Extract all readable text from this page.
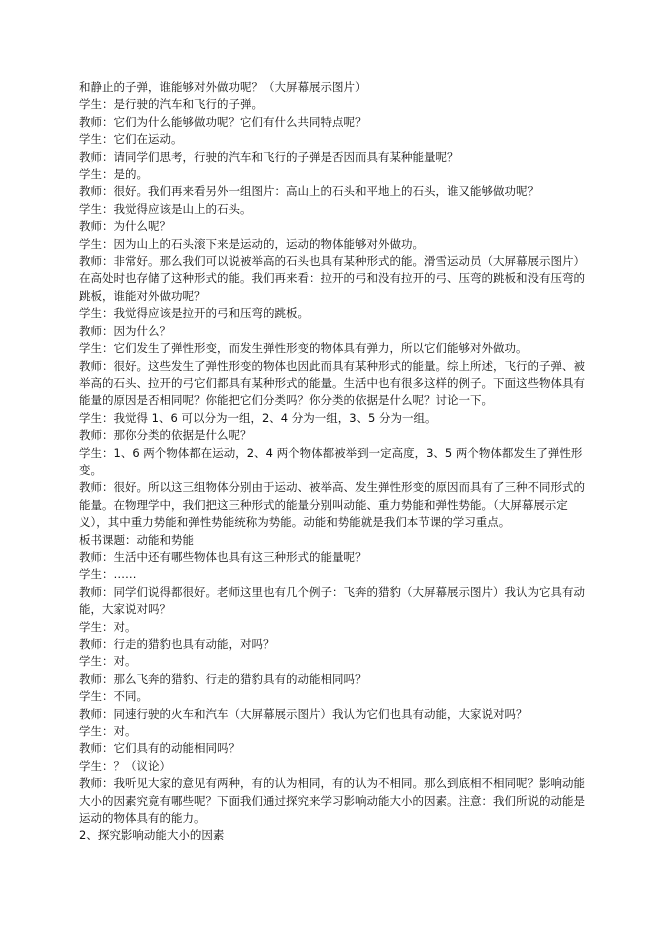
和静止的子弹，谁能够对外做功呢？（大屏幕展示图片）

学生：是行驶的汽车和飞行的子弹。

教师：它们为什么能够做功呢？它们有什么共同特点呢？

学生：它们在运动。

教师：请同学们思考，行驶的汽车和飞行的子弹是否因而具有某种能量呢？

学生：是的。

教师：很好。我们再来看另外一组图片：高山上的石头和平地上的石头，谁又能够做功呢？

学生：我觉得应该是山上的石头。

教师：为什么呢？

学生：因为山上的石头滚下来是运动的，运动的物体能够对外做功。

教师：非常好。那么我们可以说被举高的石头也具有某种形式的能。滑雪运动员（大屏幕展示图片）在高处时也存储了这种形式的能。我们再来看：拉开的弓和没有拉开的弓、压弯的跳板和没有压弯的跳板，谁能对外做功呢？

学生：我觉得应该是拉开的弓和压弯的跳板。

教师：因为什么？

学生：它们发生了弹性形变，而发生弹性形变的物体具有弹力，所以它们能够对外做功。

教师：很好。这些发生了弹性形变的物体也因此而具有某种形式的能量。综上所述，飞行的子弹、被举高的石头、拉开的弓它们都具有某种形式的能量。生活中也有很多这样的例子。下面这些物体具有能量的原因是否相同呢？你能把它们分类吗？你分类的依据是什么呢？讨论一下。

学生：我觉得 1、6 可以分为一组，2、4 分为一组，3、5 分为一组。

教师：那你分类的依据是什么呢？

学生：1、6 两个物体都在运动，2、4 两个物体都被举到一定高度，3、5 两个物体都发生了弹性形变。

教师：很好。所以这三组物体分别由于运动、被举高、发生弹性形变的原因而具有了三种不同形式的能量。在物理学中，我们把这三种形式的能量分别叫动能、重力势能和弹性势能。（大屏幕展示定义），其中重力势能和弹性势能统称为势能。动能和势能就是我们本节课的学习重点。

板书课题：动能和势能

教师：生活中还有哪些物体也具有这三种形式的能量呢？

学生：……

教师：同学们说得都很好。老师这里也有几个例子：飞奔的猎豹（大屏幕展示图片）我认为它具有动能，大家说对吗？

学生：对。

教师：行走的猎豹也具有动能，对吗？

学生：对。

教师：那么飞奔的猎豹、行走的猎豹具有的动能相同吗？

学生：不同。

教师：同速行驶的火车和汽车（大屏幕展示图片）我认为它们也具有动能，大家说对吗？

学生：对。

教师：它们具有的动能相同吗？

学生：？（议论）

教师：我听见大家的意见有两种，有的认为相同，有的认为不相同。那么到底相不相同呢？影响动能大小的因素究竟有哪些呢？下面我们通过探究来学习影响动能大小的因素。注意：我们所说的动能是运动的物体具有的能力。

2、探究影响动能大小的因素
